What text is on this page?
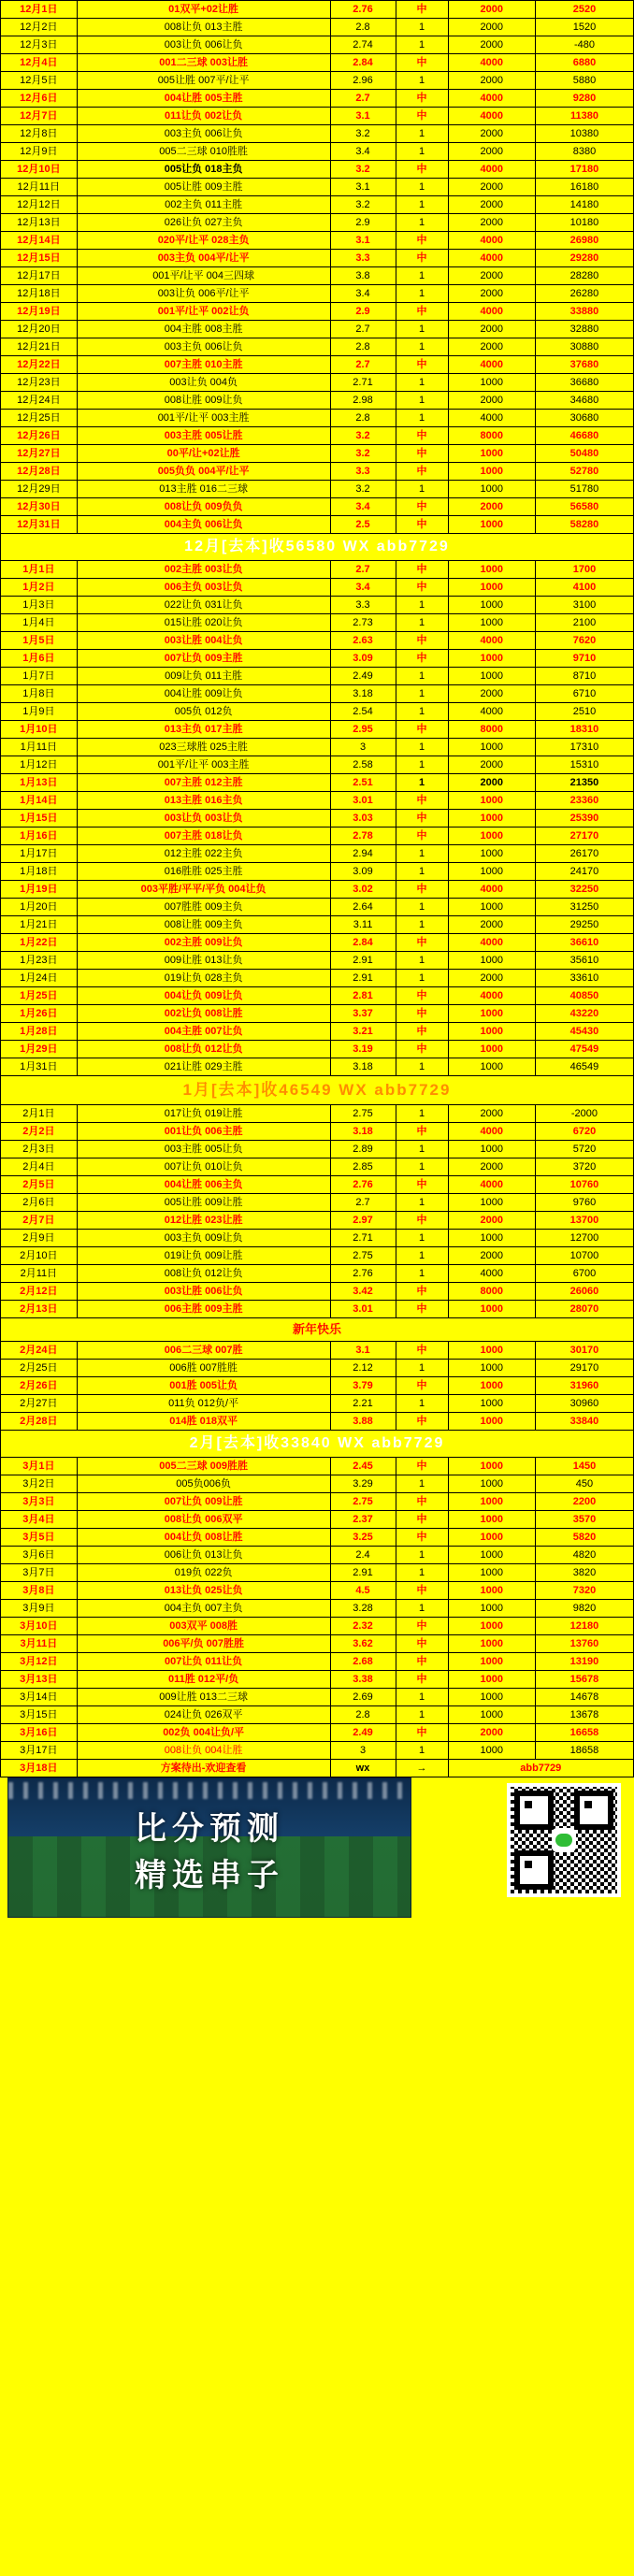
12月1日	01双平+02让胜	2.76	中	2000	2520
12月2日	008让负 013主胜	2.8	1	2000	1520
12月3日	003让负 006让负	2.74	1	2000	-480
12月4日	001二三球 003让胜	2.84	中	4000	6880
12月5日	005让胜 007平/让平	2.96	1	2000	5880
12月6日	004让胜 005主胜	2.7	中	4000	9280
12月7日	011让负 002让负	3.1	中	4000	11380
12月8日	003主负 006让负	3.2	1	2000	10380
12月9日	005二三球 010胜胜	3.4	1	2000	8380
12月10日	005让负 018主负	3.2	中	4000	17180
12月11日	005让胜 009主胜	3.1	1	2000	16180
12月12日	002主负 011主胜	3.2	1	2000	14180
12月13日	026让负 027主负	2.9	1	2000	10180
12月14日	020平/让平 028主负	3.1	中	4000	26980
12月15日	003主负 004平/让平	3.3	中	4000	29280
12月17日	001平/让平 004三四球	3.8	1	2000	28280
12月18日	003让负 006平/让平	3.4	1	2000	26280
12月19日	001平/让平 002让负	2.9	中	4000	33880
12月20日	004主胜 008主胜	2.7	1	2000	32880
12月21日	003主负 006让负	2.8	1	2000	30880
12月22日	007主胜 010主胜	2.7	中	4000	37680
12月23日	003让负 004负	2.71	1	1000	36680
12月24日	008让胜 009让负	2.98	1	2000	34680
12月25日	001平/让平 003主胜	2.8	1	4000	30680
12月26日	003主胜 005让胜	3.2	中	8000	46680
12月27日	00平/让+02让胜	3.2	中	1000	50480
12月28日	005负负 004平/让平	3.3	中	1000	52780
12月29日	013主胜 016二三球	3.2	1	1000	51780
12月30日	008让负 009负负	3.4	中	2000	56580
12月31日	004主负 006让负	2.5	中	1000	58280
12月[去本]收56580 WX abb7729					
1月1日	002主胜 003让负	2.7	中	1000	1700
1月2日	006主负 003让负	3.4	中	1000	4100
1月3日	022让负 031让负	3.3	1	1000	3100
1月4日	015让胜 020让负	2.73	1	1000	2100
1月5日	003让胜 004让负	2.63	中	4000	7620
1月6日	007让负 009主胜	3.09	中	1000	9710
1月7日	009让负 011主胜	2.49	1	1000	8710
1月8日	004让胜 009让负	3.18	1	2000	6710
1月9日	005负 012负	2.54	1	4000	2510
1月10日	013主负 017主胜	2.95	中	8000	18310
1月11日	023三球胜 025主胜	3	1	1000	17310
1月12日	001平/让平 003主胜	2.58	1	2000	15310
1月13日	007主胜 012主胜	2.51	1	2000	21350
1月14日	013主胜 016主负	3.01	中	1000	23360
1月15日	003让负 003让负	3.03	中	1000	25390
1月16日	007主胜 018让负	2.78	中	1000	27170
1月17日	012主胜 022主负	2.94	1	1000	26170
1月18日	016胜胜 025主胜	3.09	1	1000	24170
1月19日	003平胜/平平/平负 004让负	3.02	中	4000	32250
1月20日	007胜胜 009主负	2.64	1	1000	31250
1月21日	008让胜 009主负	3.11	1	2000	29250
1月22日	002主胜 009让负	2.84	中	4000	36610
1月23日	009让胜 013让负	2.91	1	1000	35610
1月24日	019让负 028主负	2.91	1	2000	33610
1月25日	004让负 009让负	2.81	中	4000	40850
1月26日	002让负 008让胜	3.37	中	1000	43220
1月28日	004主胜 007让负	3.21	中	1000	45430
1月29日	008让负 012让负	3.19	中	1000	47549
1月31日	021让胜 029主胜	3.18	1	1000	46549
1月[去本]收46549 WX abb7729					
2月1日	017让负 019让胜	2.75	1	2000	-2000
2月2日	001让负 006主胜	3.18	中	4000	6720
2月3日	003主胜 005让负	2.89	1	1000	5720
2月4日	007让负 010让负	2.85	1	2000	3720
2月5日	004让胜 006主负	2.76	中	4000	10760
2月6日	005让胜 009让胜	2.7	1	1000	9760
2月7日	012让胜 023让胜	2.97	中	2000	13700
2月9日	003主负 009让负	2.71	1	1000	12700
2月10日	019让负 009让胜	2.75	1	2000	10700
2月11日	008让负 012让负	2.76	1	4000	6700
2月12日	003让胜 006让负	3.42	中	8000	26060
2月13日	006主胜 009主胜	3.01	中	1000	28070
新年快乐					
2月24日	006二三球 007胜	3.1	中	1000	30170
2月25日	006胜 007胜胜	2.12	1	1000	29170
2月26日	001胜 005让负	3.79	中	1000	31960
2月27日	011负 012负/平	2.21	1	1000	30960
2月28日	014胜 018双平	3.88	中	1000	33840
2月[去本]收33840 WX abb7729					
3月1日	005二三球 009胜胜	2.45	中	1000	1450
3月2日	005负006负	3.29	1	1000	450
3月3日	007让负 009让胜	2.75	中	1000	2200
3月4日	008让负 006双平	2.37	中	1000	3570
3月5日	004让负 008让胜	3.25	中	1000	5820
3月6日	006让负 013让负	2.4	1	1000	4820
3月7日	019负 022负	2.91	1	1000	3820
3月8日	013让负 025让负	4.5	中	1000	7320
3月9日	004主负 007主负	3.28	1	1000	9820
3月10日	003双平 008胜	2.32	中	1000	12180
3月11日	006平/负 007胜胜	3.62	中	1000	13760
3月12日	007让负 011让负	2.68	中	1000	13190
3月13日	011胜 012平/负	3.38	中	1000	15678
3月14日	009让胜 013二三球	2.69	1	1000	14678
3月15日	024让负 026双平	2.8	1	1000	13678
3月16日	002负 004让负/平	2.49	中	2000	16658
3月17日	008让负 004让胜	3	1	1000	18658
3月18日	方案待出-欢迎查看	wx	→	abb7729	
比分预测
精选串子
